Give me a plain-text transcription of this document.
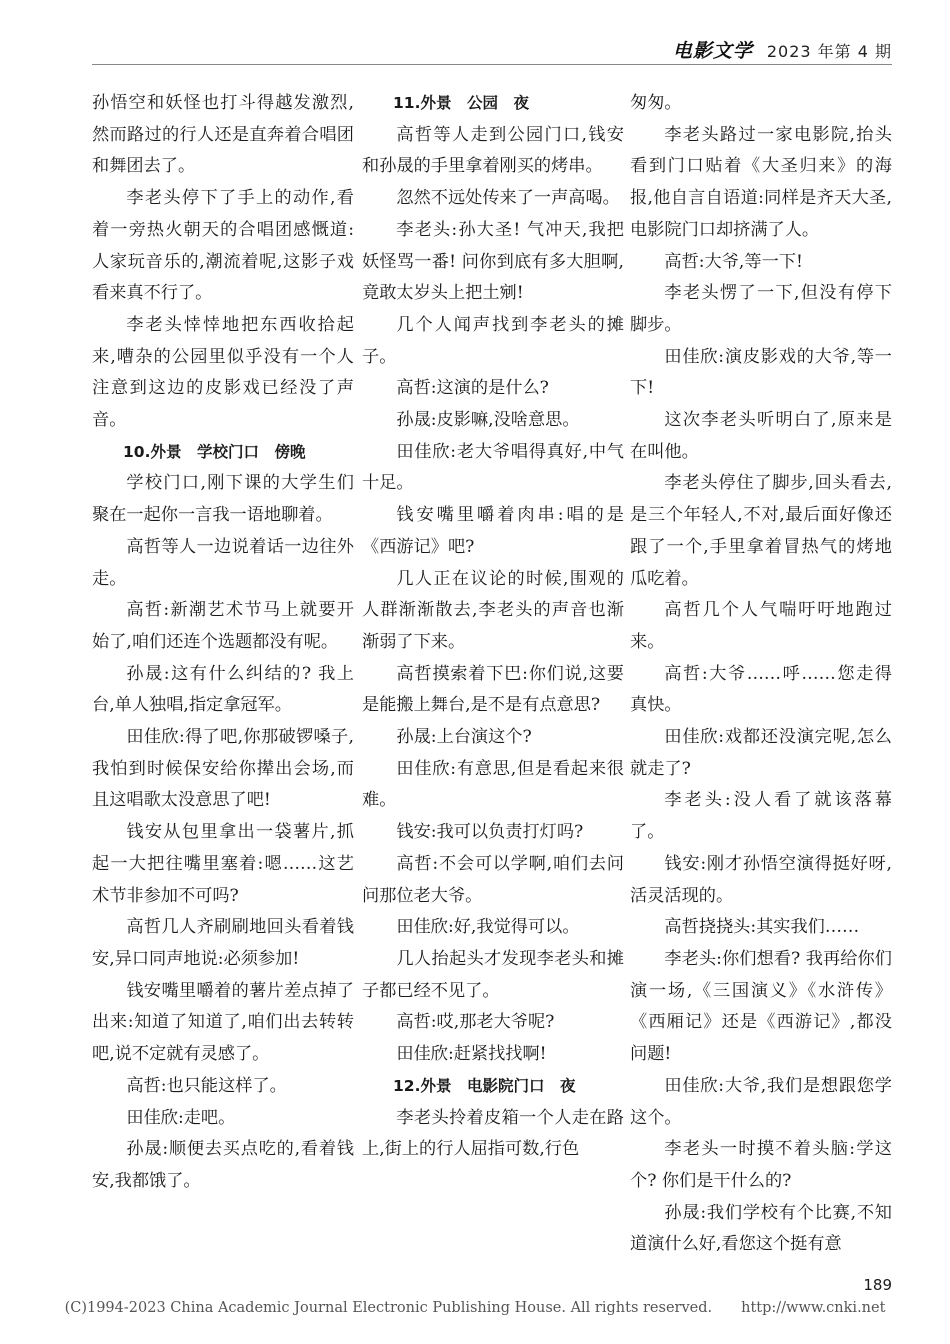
电影文学 2023 年第 4 期

孙悟空和妖怪也打斗得越发激烈,然而路过的行人还是直奔着合唱团和舞团去了。

李老头停下了手上的动作,看着一旁热火朝天的合唱团感慨道:人家玩音乐的,潮流着呢,这影子戏看来真不行了。

李老头悻悻地把东西收拾起来,嘈杂的公园里似乎没有一个人注意到这边的皮影戏已经没了声音。

10.外景　学校门口　傍晚

学校门口,刚下课的大学生们聚在一起你一言我一语地聊着。

高哲等人一边说着话一边往外走。

高哲:新潮艺术节马上就要开始了,咱们还连个选题都没有呢。

孙晟:这有什么纠结的? 我上台,单人独唱,指定拿冠军。

田佳欣:得了吧,你那破锣嗓子,我怕到时候保安给你撵出会场,而且这唱歌太没意思了吧!

钱安从包里拿出一袋薯片,抓起一大把往嘴里塞着:嗯……这艺术节非参加不可吗?

高哲几人齐刷刷地回头看着钱安,异口同声地说:必须参加!

钱安嘴里嚼着的薯片差点掉了出来:知道了知道了,咱们出去转转吧,说不定就有灵感了。

高哲:也只能这样了。

田佳欣:走吧。

孙晟:顺便去买点吃的,看着钱安,我都饿了。

11.外景　公园　夜

高哲等人走到公园门口,钱安和孙晟的手里拿着刚买的烤串。

忽然不远处传来了一声高喝。

李老头:孙大圣! 气冲天,我把妖怪骂一番! 问你到底有多大胆啊,竟敢太岁头上把土剜!

几个人闻声找到李老头的摊子。

高哲:这演的是什么?

孙晟:皮影嘛,没啥意思。

田佳欣:老大爷唱得真好,中气十足。

钱安嘴里嚼着肉串:唱的是《西游记》吧?

几人正在议论的时候,围观的人群渐渐散去,李老头的声音也渐渐弱了下来。

高哲摸索着下巴:你们说,这要是能搬上舞台,是不是有点意思?

孙晟:上台演这个?

田佳欣:有意思,但是看起来很难。

钱安:我可以负责打灯吗?

高哲:不会可以学啊,咱们去问问那位老大爷。

田佳欣:好,我觉得可以。

几人抬起头才发现李老头和摊子都已经不见了。

高哲:哎,那老大爷呢?

田佳欣:赶紧找找啊!

12.外景　电影院门口　夜

李老头拎着皮箱一个人走在路上,街上的行人屈指可数,行色

匆匆。

李老头路过一家电影院,抬头看到门口贴着《大圣归来》的海报,他自言自语道:同样是齐天大圣,电影院门口却挤满了人。

高哲:大爷,等一下!

李老头愣了一下,但没有停下脚步。

田佳欣:演皮影戏的大爷,等一下!

这次李老头听明白了,原来是在叫他。

李老头停住了脚步,回头看去,是三个年轻人,不对,最后面好像还跟了一个,手里拿着冒热气的烤地瓜吃着。

高哲几个人气喘吁吁地跑过来。

高哲:大爷……呼……您走得真快。

田佳欣:戏都还没演完呢,怎么就走了?

李老头:没人看了就该落幕了。

钱安:刚才孙悟空演得挺好呀,活灵活现的。

高哲挠挠头:其实我们……

李老头:你们想看? 我再给你们演一场,《三国演义》《水浒传》《西厢记》还是《西游记》,都没问题!

田佳欣:大爷,我们是想跟您学这个。

李老头一时摸不着头脑:学这个? 你们是干什么的?

孙晟:我们学校有个比赛,不知道演什么好,看您这个挺有意

189
(C)1994-2023 China Academic Journal Electronic Publishing House. All rights reserved.　　http://www.cnki.net
